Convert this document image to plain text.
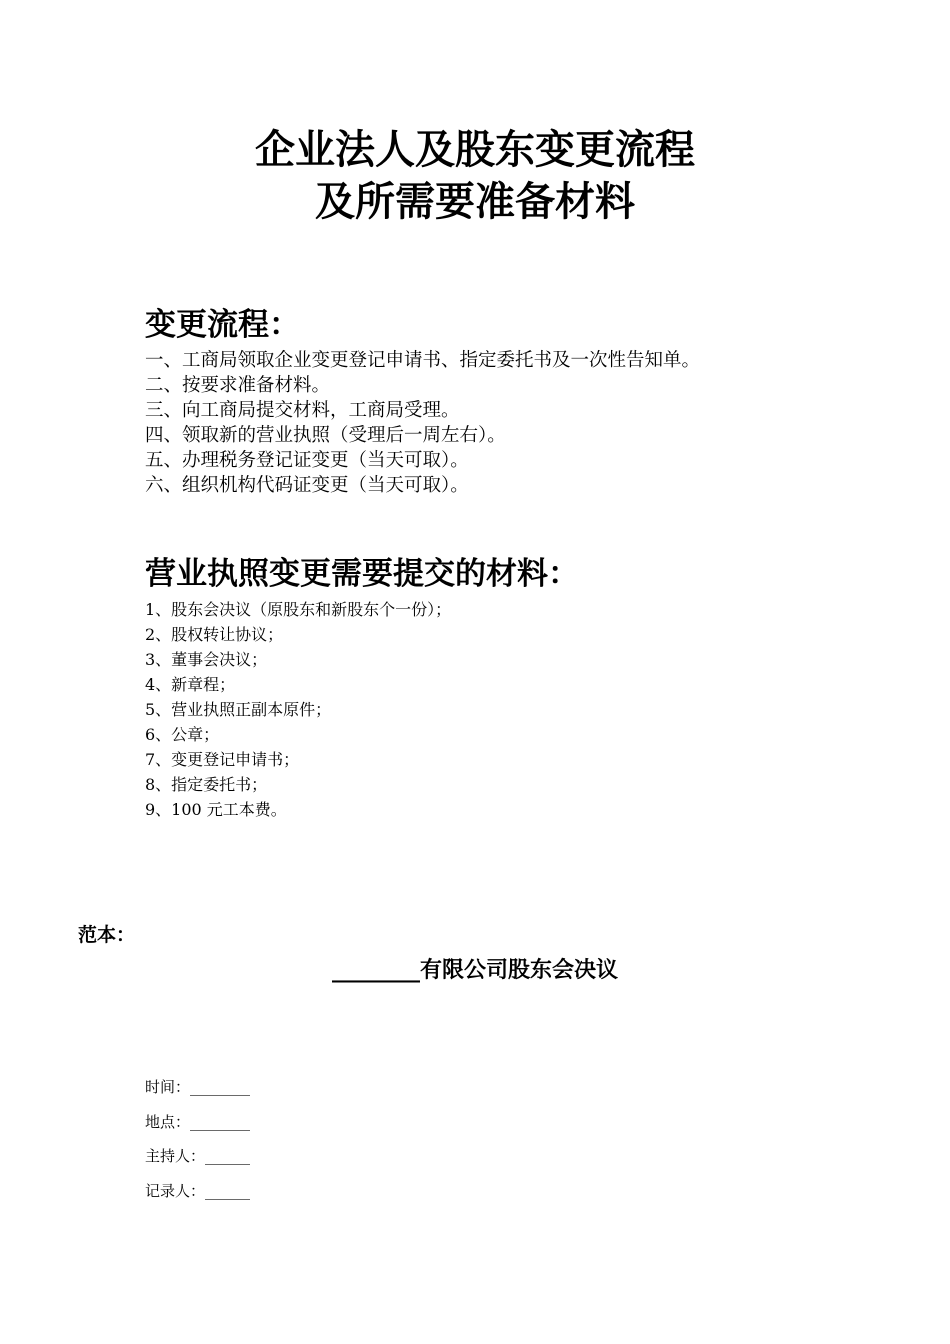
企业法人及股东变更流程
及所需要准备材料
变更流程：
一、工商局领取企业变更登记申请书、指定委托书及一次性告知单。
二、按要求准备材料。
三、向工商局提交材料，工商局受理。
四、领取新的营业执照（受理后一周左右）。
五、办理税务登记证变更（当天可取）。
六、组织机构代码证变更（当天可取）。
营业执照变更需要提交的材料：
1、股东会决议（原股东和新股东个一份）；
2、股权转让协议；
3、董事会决议；
4、新章程；
5、营业执照正副本原件；
6、公章；
7、变更登记申请书；
8、指定委托书；
9、100 元工本费。
范本：
________有限公司股东会决议
时间：________
地点：________
主持人：______
记录人：______
